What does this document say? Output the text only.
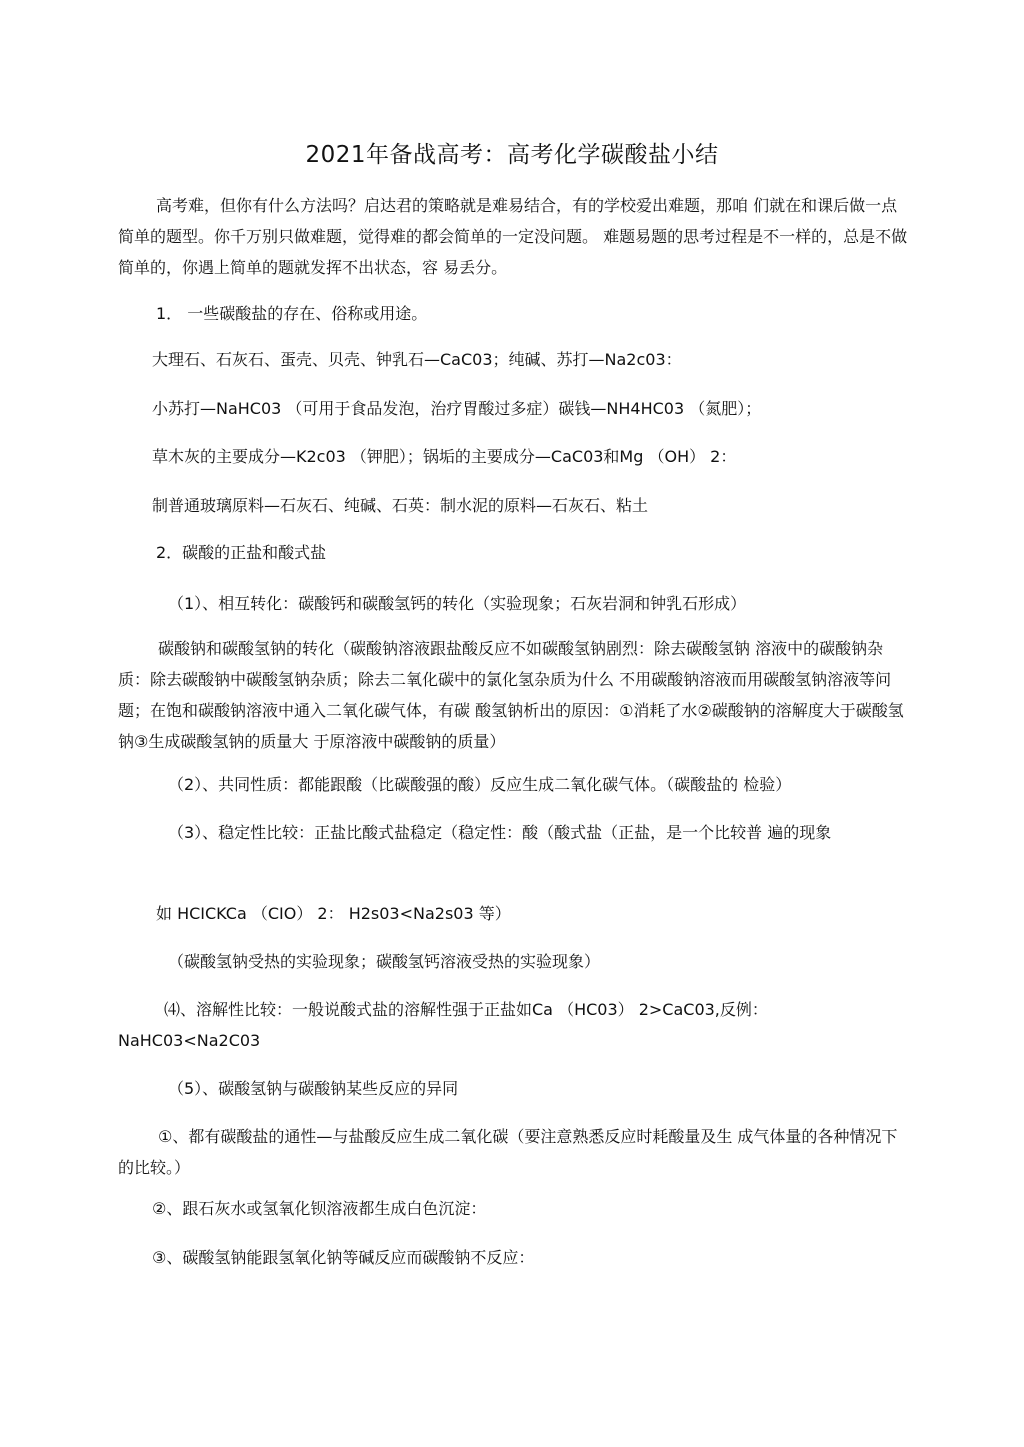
2021年备战高考：高考化学碳酸盐小结

高考难，但你有什么方法吗？启达君的策略就是难易结合，有的学校爱出难题，那咱 们就在和课后做一点简单的题型。你千万别只做难题，觉得难的都会简单的一定没问题。 难题易题的思考过程是不一样的，总是不做简单的，你遇上简单的题就发挥不出状态，容 易丢分。

1． 一些碳酸盐的存在、俗称或用途。
大理石、石灰石、蛋壳、贝壳、钟乳石—CaC03；纯碱、苏打—Na2c03：
小苏打—NaHC03 （可用于食品发泡，治疗胃酸过多症）碳钱—NH4HC03 （氮肥）；
草木灰的主要成分—K2c03 （钾肥）；锅垢的主要成分—CaC03和Mg （OH） 2：
制普通玻璃原料—石灰石、纯碱、石英：制水泥的原料—石灰石、粘土
2．碳酸的正盐和酸式盐
（1）、相互转化：碳酸钙和碳酸氢钙的转化（实验现象；石灰岩洞和钟乳石形成）

碳酸钠和碳酸氢钠的转化（碳酸钠溶液跟盐酸反应不如碳酸氢钠剧烈：除去碳酸氢钠 溶液中的碳酸钠杂质：除去碳酸钠中碳酸氢钠杂质；除去二氧化碳中的氯化氢杂质为什么 不用碳酸钠溶液而用碳酸氢钠溶液等问题；在饱和碳酸钠溶液中通入二氧化碳气体，有碳 酸氢钠析出的原因：①消耗了水②碳酸钠的溶解度大于碳酸氢钠③生成碳酸氢钠的质量大 于原溶液中碳酸钠的质量）

（2）、共同性质：都能跟酸（比碳酸强的酸）反应生成二氧化碳气体。（碳酸盐的 检验）

（3）、稳定性比较：正盐比酸式盐稳定（稳定性：酸（酸式盐（正盐，是一个比较普 遍的现象

如 HCICKCa （CIO） 2： H2s03<Na2s03 等）
（碳酸氢钠受热的实验现象；碳酸氢钙溶液受热的实验现象）

⑷、溶解性比较：一般说酸式盐的溶解性强于正盐如Ca （HC03） 2>CaC03,反例：NaHC03<Na2C03

（5）、碳酸氢钠与碳酸钠某些反应的异同

①、都有碳酸盐的通性—与盐酸反应生成二氧化碳（要注意熟悉反应时耗酸量及生 成气体量的各种情况下的比较。）

②、跟石灰水或氢氧化钡溶液都生成白色沉淀：
③、碳酸氢钠能跟氢氧化钠等碱反应而碳酸钠不反应：
